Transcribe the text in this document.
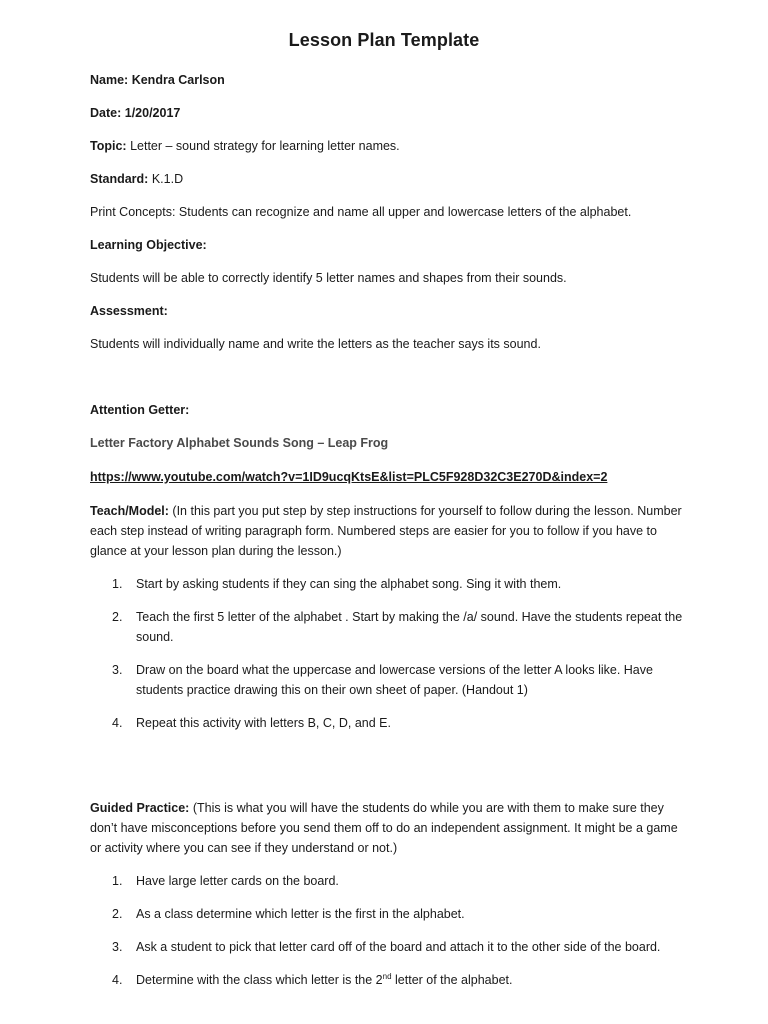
Lesson Plan Template
Name: Kendra Carlson
Date: 1/20/2017
Topic: Letter – sound strategy for learning letter names.
Standard: K.1.D
Print Concepts: Students can recognize and name all upper and lowercase letters of the alphabet.
Learning Objective:
Students will be able to correctly identify 5 letter names and shapes from their sounds.
Assessment:
Students will individually name and write the letters as the teacher says its sound.
Attention Getter:
Letter Factory Alphabet Sounds Song – Leap Frog
https://www.youtube.com/watch?v=1ID9ucqKtsE&list=PLC5F928D32C3E270D&index=2
Teach/Model: (In this part you put step by step instructions for yourself to follow during the lesson. Number each step instead of writing paragraph form. Numbered steps are easier for you to follow if you have to glance at your lesson plan during the lesson.)
1.	Start by asking students if they can sing the alphabet song. Sing it with them.
2.	Teach the first 5 letter of the alphabet . Start by making the /a/ sound. Have the students repeat the sound.
3.	Draw on the board what the uppercase and lowercase versions of the letter A looks like. Have students practice drawing this on their own sheet of paper. (Handout 1)
4.	Repeat this activity with letters B, C, D, and E.
Guided Practice: (This is what you will have the students do while you are with them to make sure they don’t have misconceptions before you send them off to do an independent assignment. It might be a game or activity where you can see if they understand or not.)
1.	Have large letter cards on the board.
2.	As a class determine which letter is the first in the alphabet.
3.	Ask a student to pick that letter card off of the board and attach it to the other side of the board.
4.	Determine with the class which letter is the 2nd letter of the alphabet.
